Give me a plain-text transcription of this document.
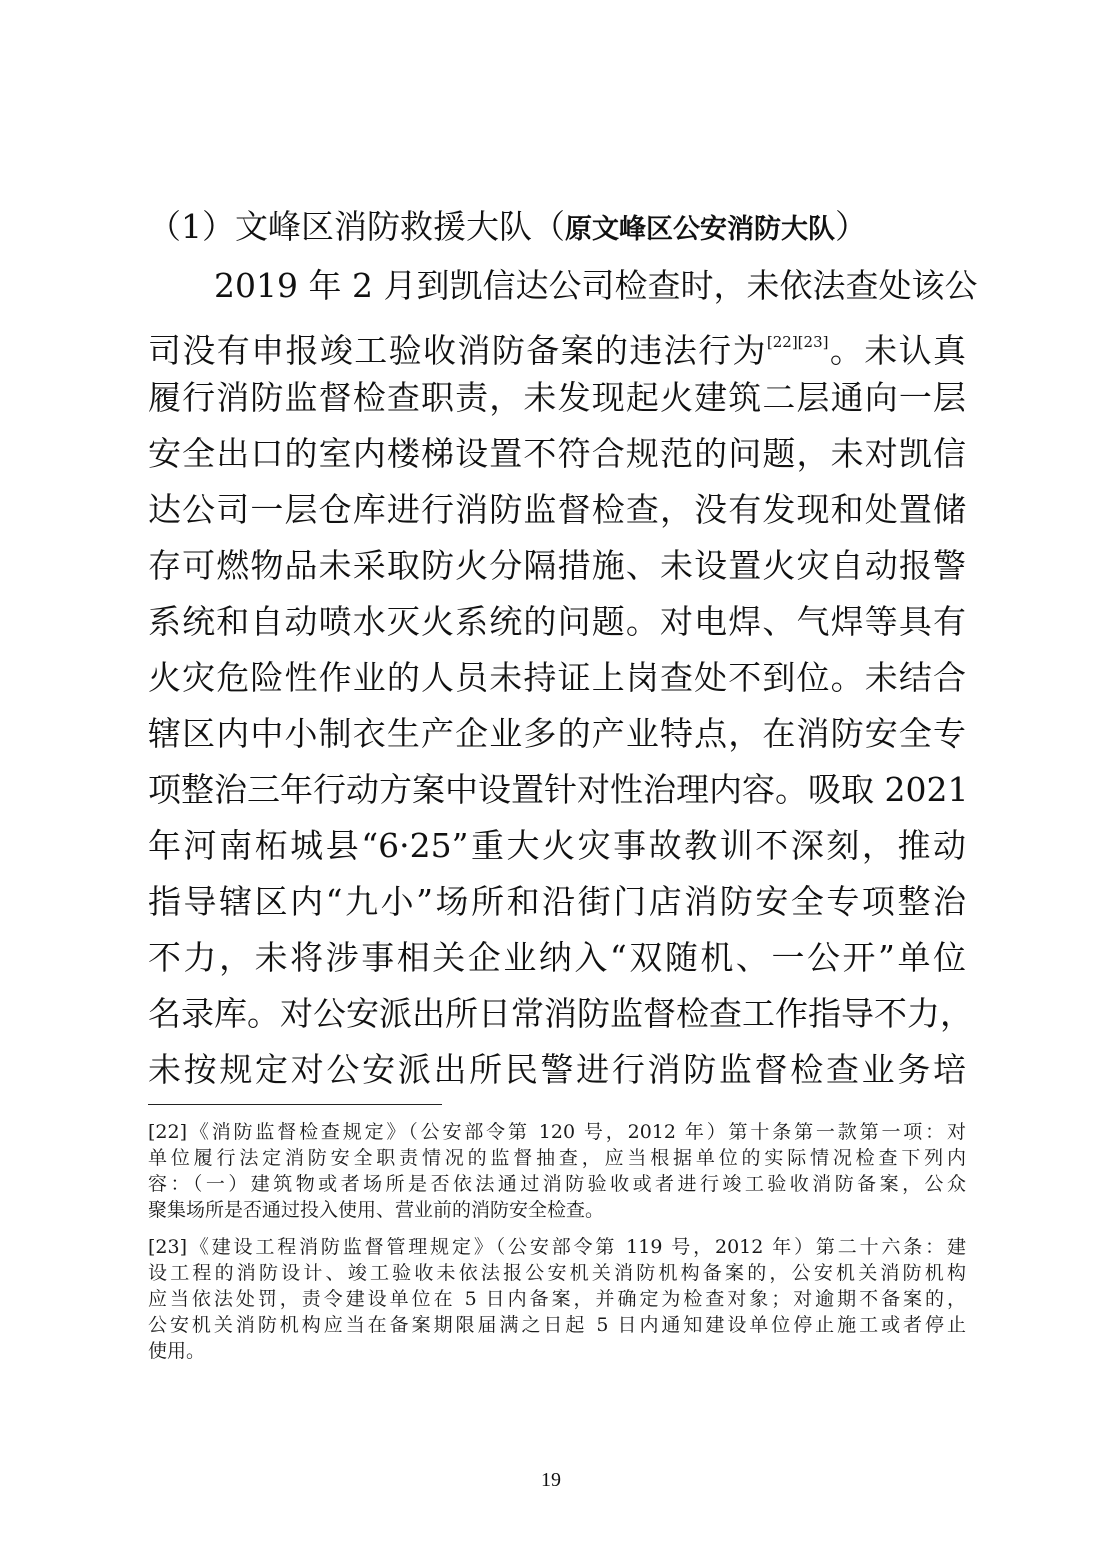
（1）文峰区消防救援大队（原文峰区公安消防大队）
2019 年 2 月到凯信达公司检查时，未依法查处该公
司没有申报竣工验收消防备案的违法行为[22][23]。未认真
履行消防监督检查职责，未发现起火建筑二层通向一层
安全出口的室内楼梯设置不符合规范的问题，未对凯信
达公司一层仓库进行消防监督检查，没有发现和处置储
存可燃物品未采取防火分隔措施、未设置火灾自动报警
系统和自动喷水灭火系统的问题。对电焊、气焊等具有
火灾危险性作业的人员未持证上岗查处不到位。未结合
辖区内中小制衣生产企业多的产业特点，在消防安全专
项整治三年行动方案中设置针对性治理内容。吸取 2021
年河南柘城县“6·25”重大火灾事故教训不深刻，推动
指导辖区内“九小”场所和沿街门店消防安全专项整治
不力，未将涉事相关企业纳入“双随机、一公开”单位
名录库。对公安派出所日常消防监督检查工作指导不力，
未按规定对公安派出所民警进行消防监督检查业务培
[22]《消防监督检查规定》（公安部令第 120 号，2012 年）第十条第一款第一项：对
单位履行法定消防安全职责情况的监督抽查，应当根据单位的实际情况检查下列内
容：（一）建筑物或者场所是否依法通过消防验收或者进行竣工验收消防备案，公众
聚集场所是否通过投入使用、营业前的消防安全检查。
[23]《建设工程消防监督管理规定》（公安部令第 119 号，2012 年）第二十六条：建
设工程的消防设计、竣工验收未依法报公安机关消防机构备案的，公安机关消防机构
应当依法处罚，责令建设单位在 5 日内备案，并确定为检查对象；对逾期不备案的，
公安机关消防机构应当在备案期限届满之日起 5 日内通知建设单位停止施工或者停止
使用。
19
